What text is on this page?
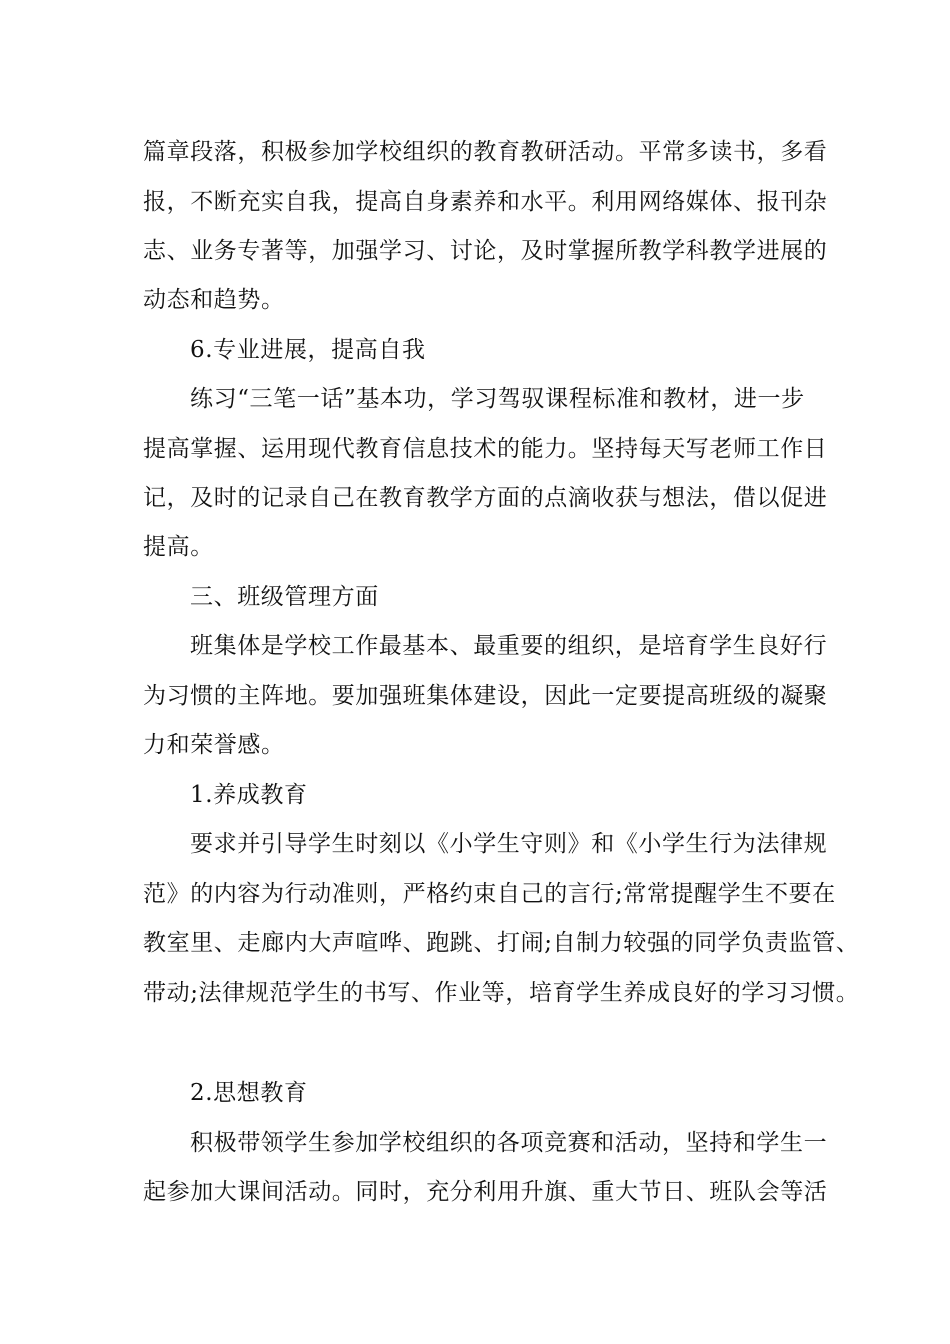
篇章段落，积极参加学校组织的教育教研活动。平常多读书，多看
报，不断充实自我，提高自身素养和水平。利用网络媒体、报刊杂
志、业务专著等，加强学习、讨论，及时掌握所教学科教学进展的
动态和趋势。
6.专业进展，提高自我
练习“三笔一话”基本功，学习驾驭课程标准和教材，进一步
提高掌握、运用现代教育信息技术的能力。坚持每天写老师工作日
记，及时的记录自己在教育教学方面的点滴收获与想法，借以促进
提高。
三、班级管理方面
班集体是学校工作最基本、最重要的组织，是培育学生良好行
为习惯的主阵地。要加强班集体建设，因此一定要提高班级的凝聚
力和荣誉感。
1.养成教育
要求并引导学生时刻以《小学生守则》和《小学生行为法律规
范》的内容为行动准则，严格约束自己的言行;常常提醒学生不要在
教室里、走廊内大声喧哗、跑跳、打闹;自制力较强的同学负责监管、
带动;法律规范学生的书写、作业等，培育学生养成良好的学习习惯。
2.思想教育
积极带领学生参加学校组织的各项竞赛和活动，坚持和学生一
起参加大课间活动。同时，充分利用升旗、重大节日、班队会等活
